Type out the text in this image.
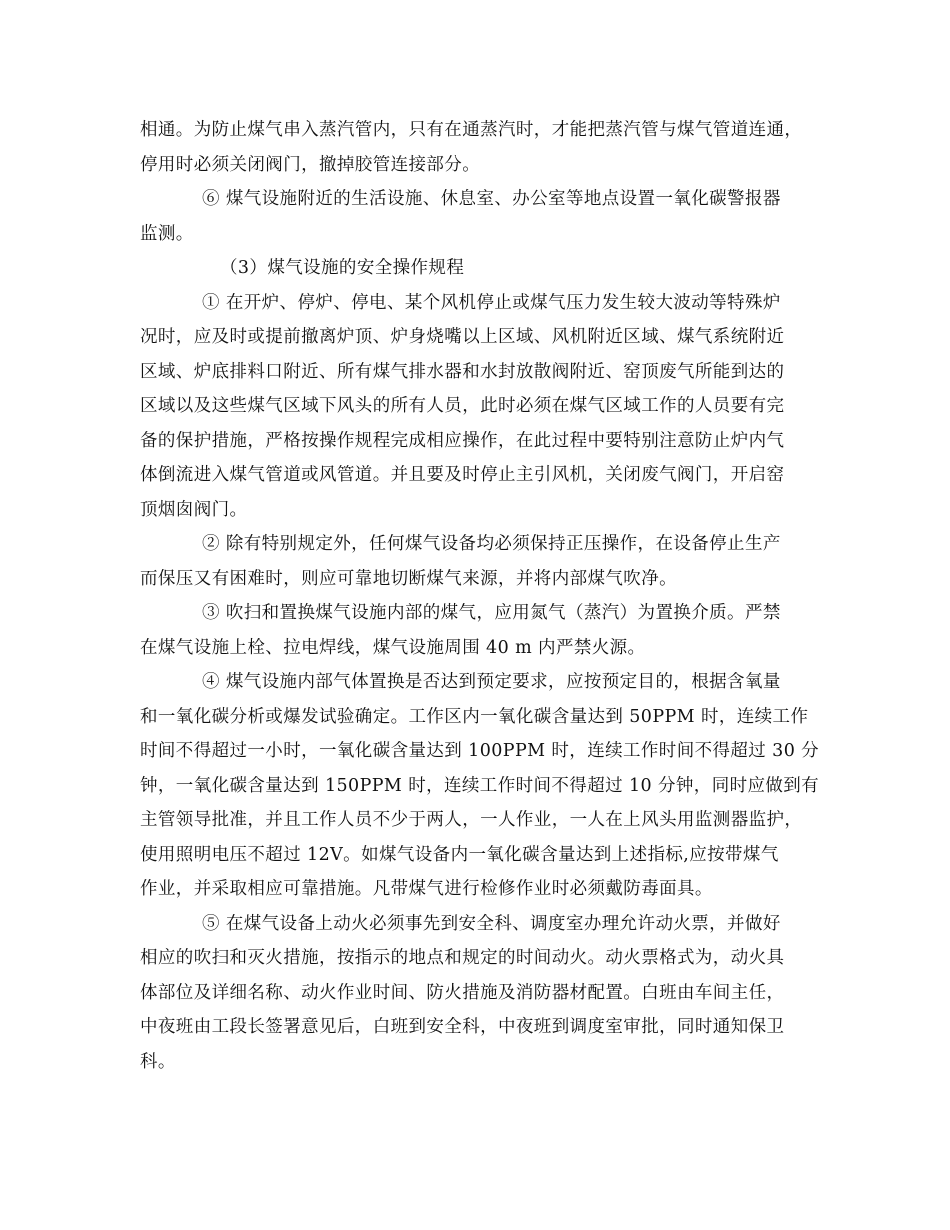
相通。为防止煤气串入蒸汽管内，只有在通蒸汽时，才能把蒸汽管与煤气管道连通，
停用时必须关闭阀门，撤掉胶管连接部分。
⑥ 煤气设施附近的生活设施、休息室、办公室等地点设置一氧化碳警报器
监测。
（3）煤气设施的安全操作规程
① 在开炉、停炉、停电、某个风机停止或煤气压力发生较大波动等特殊炉
况时，应及时或提前撤离炉顶、炉身烧嘴以上区域、风机附近区域、煤气系统附近
区域、炉底排料口附近、所有煤气排水器和水封放散阀附近、窑顶废气所能到达的
区域以及这些煤气区域下风头的所有人员，此时必须在煤气区域工作的人员要有完
备的保护措施，严格按操作规程完成相应操作，在此过程中要特别注意防止炉内气
体倒流进入煤气管道或风管道。并且要及时停止主引风机，关闭废气阀门，开启窑
顶烟囱阀门。
② 除有特别规定外，任何煤气设备均必须保持正压操作，在设备停止生产
而保压又有困难时，则应可靠地切断煤气来源，并将内部煤气吹净。
③ 吹扫和置换煤气设施内部的煤气，应用氮气（蒸汽）为置换介质。严禁
在煤气设施上栓、拉电焊线，煤气设施周围 40 m 内严禁火源。
④ 煤气设施内部气体置换是否达到预定要求，应按预定目的，根据含氧量
和一氧化碳分析或爆发试验确定。工作区内一氧化碳含量达到 50PPM 时，连续工作
时间不得超过一小时，一氧化碳含量达到 100PPM 时，连续工作时间不得超过 30 分
钟，一氧化碳含量达到 150PPM 时，连续工作时间不得超过 10 分钟，同时应做到有
主管领导批准，并且工作人员不少于两人，一人作业，一人在上风头用监测器监护，
使用照明电压不超过 12V。如煤气设备内一氧化碳含量达到上述指标,应按带煤气
作业，并采取相应可靠措施。凡带煤气进行检修作业时必须戴防毒面具。
⑤ 在煤气设备上动火必须事先到安全科、调度室办理允许动火票，并做好
相应的吹扫和灭火措施，按指示的地点和规定的时间动火。动火票格式为，动火具
体部位及详细名称、动火作业时间、防火措施及消防器材配置。白班由车间主任，
中夜班由工段长签署意见后，白班到安全科，中夜班到调度室审批，同时通知保卫
科。
